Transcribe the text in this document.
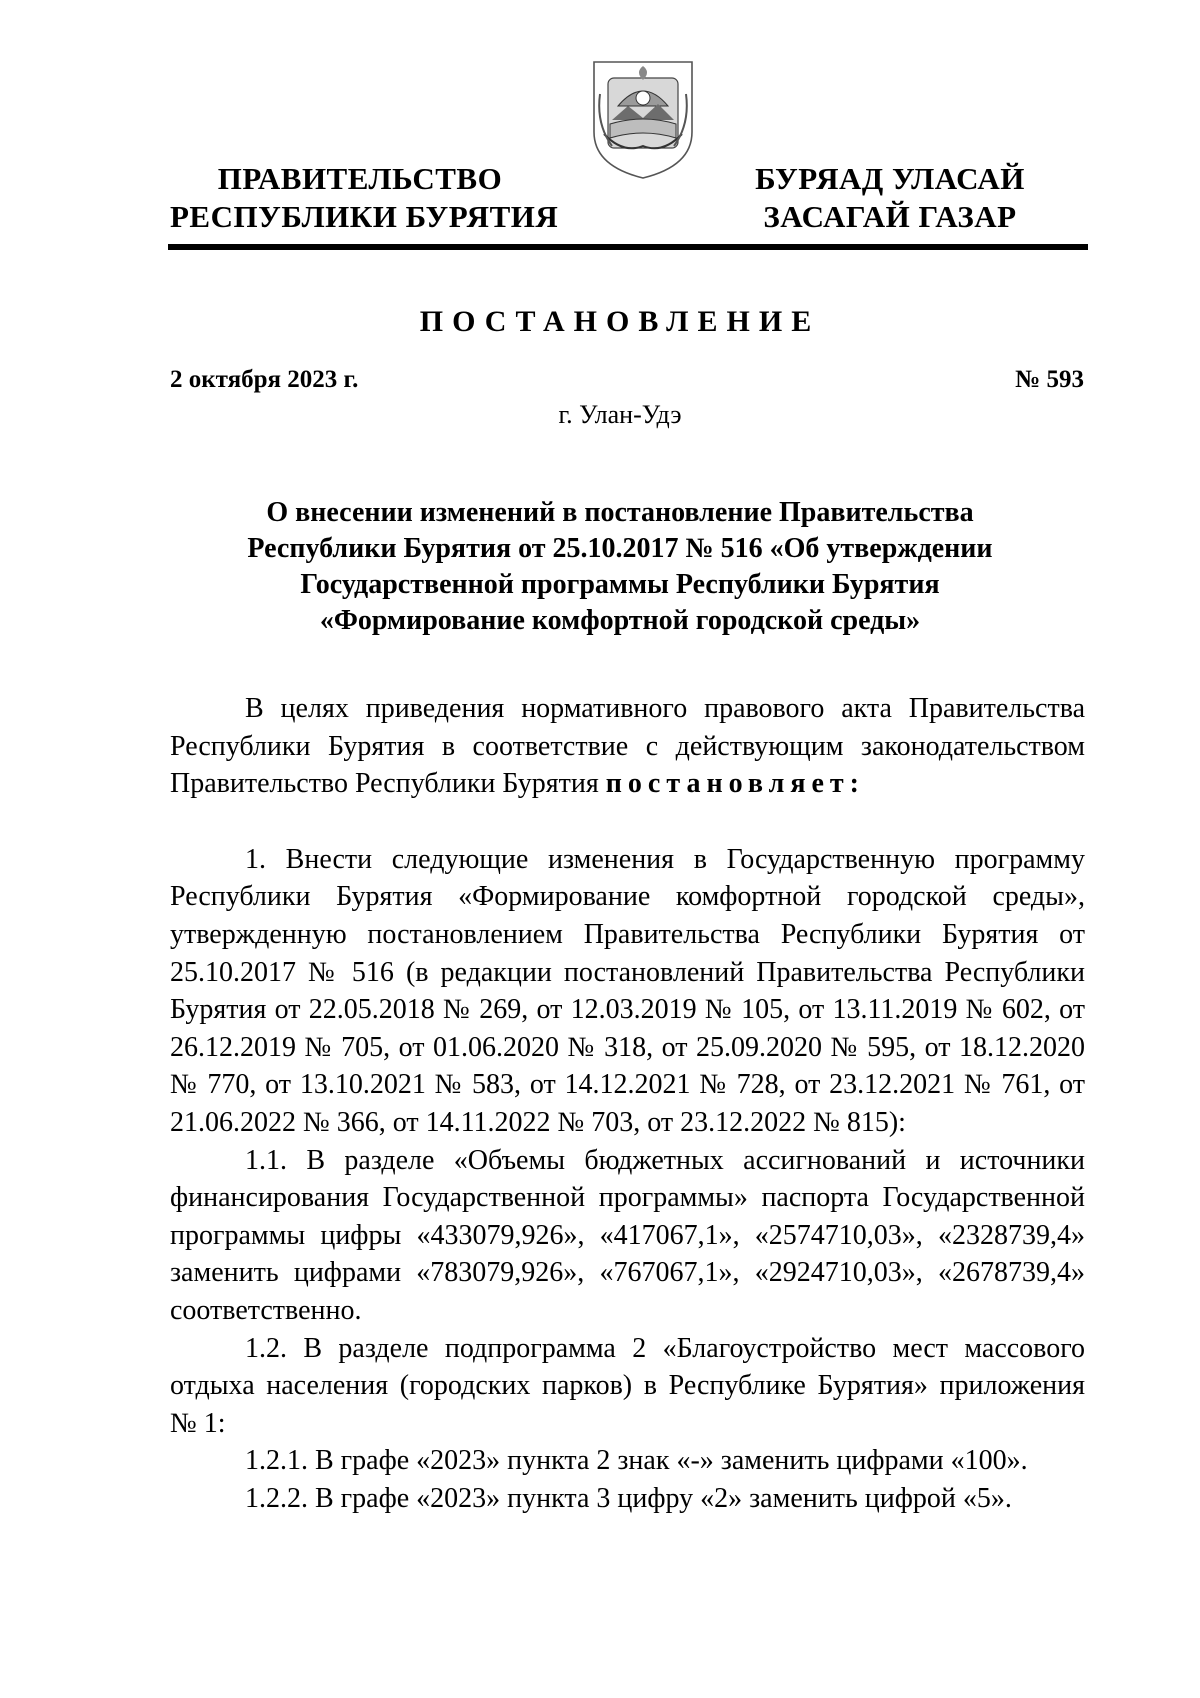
ПРАВИТЕЛЬСТВО
РЕСПУБЛИКИ БУРЯТИЯ
БУРЯАД УЛАСАЙ
ЗАСАГАЙ ГАЗАР
ПОСТАНОВЛЕНИЕ
2 октября 2023 г.	№ 593
г. Улан-Удэ
О внесении изменений в постановление Правительства
Республики Бурятия от 25.10.2017 № 516 «Об утверждении
Государственной программы Республики Бурятия
«Формирование комфортной городской среды»

В целях приведения нормативного правового акта Правительства Республики Бурятия в соответствие с действующим законодательством Правительство Республики Бурятия постановляет:

1. Внести следующие изменения в Государственную программу Республики Бурятия «Формирование комфортной городской среды», утвержденную постановлением Правительства Республики Бурятия от 25.10.2017 № 516 (в редакции постановлений Правительства Республики Бурятия от 22.05.2018 № 269, от 12.03.2019 № 105, от 13.11.2019 № 602, от 26.12.2019 № 705, от 01.06.2020 № 318, от 25.09.2020 № 595, от 18.12.2020 № 770, от 13.10.2021 № 583, от 14.12.2021 № 728, от 23.12.2021 № 761, от 21.06.2022 № 366, от 14.11.2022 № 703, от 23.12.2022 № 815):

1.1. В разделе «Объемы бюджетных ассигнований и источники финансирования Государственной программы» паспорта Государственной программы цифры «433079,926», «417067,1», «2574710,03», «2328739,4» заменить цифрами «783079,926», «767067,1», «2924710,03», «2678739,4» соответственно.

1.2. В разделе подпрограмма 2 «Благоустройство мест массового отдыха населения (городских парков) в Республике Бурятия» приложения № 1:

1.2.1. В графе «2023» пункта 2 знак «-» заменить цифрами «100».

1.2.2. В графе «2023» пункта 3 цифру «2» заменить цифрой «5».
